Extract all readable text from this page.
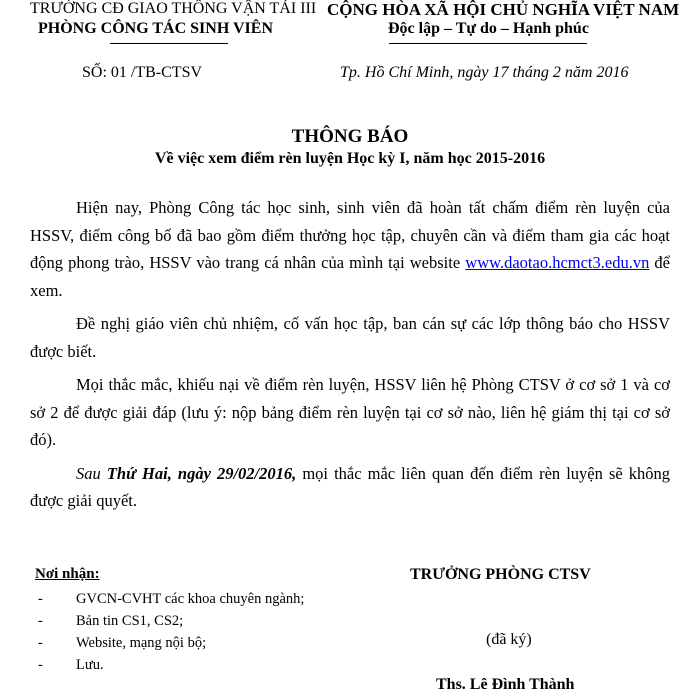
TRƯỜNG CĐ GIAO THÔNG VẬN TẢI III
PHÒNG CÔNG TÁC SINH VIÊN
CỘNG HÒA XÃ HỘI CHỦ NGHĨA VIỆT NAM
Độc lập – Tự do – Hạnh phúc
SỐ: 01 /TB-CTSV	Tp. Hồ Chí Minh, ngày 17 tháng 2 năm 2016
THÔNG BÁO
Về việc xem điểm rèn luyện Học kỳ I, năm học 2015-2016

Hiện nay, Phòng Công tác học sinh, sinh viên đã hoàn tất chấm điểm rèn luyện của HSSV, điểm công bố đã bao gồm điểm thưởng học tập, chuyên cần và điểm tham gia các hoạt động phong trào, HSSV vào trang cá nhân của mình tại website www.daotao.hcmct3.edu.vn để xem.

Đề nghị giáo viên chủ nhiệm, cố vấn học tập, ban cán sự các lớp thông báo cho HSSV được biết.

Mọi thắc mắc, khiếu nại về điểm rèn luyện, HSSV liên hệ Phòng CTSV ở cơ sở 1 và cơ sở 2 để được giải đáp (lưu ý: nộp bảng điểm rèn luyện tại cơ sở nào, liên hệ giám thị tại cơ sở đó).

Sau Thứ Hai, ngày 29/02/2016, mọi thắc mắc liên quan đến điểm rèn luyện sẽ không được giải quyết.

Nơi nhận:
- GVCN-CVHT các khoa chuyên ngành;
- Bản tin CS1, CS2;
- Website, mạng nội bộ;
- Lưu.
TRƯỞNG PHÒNG CTSV
(đã ký)
Ths. Lê Đình Thành
